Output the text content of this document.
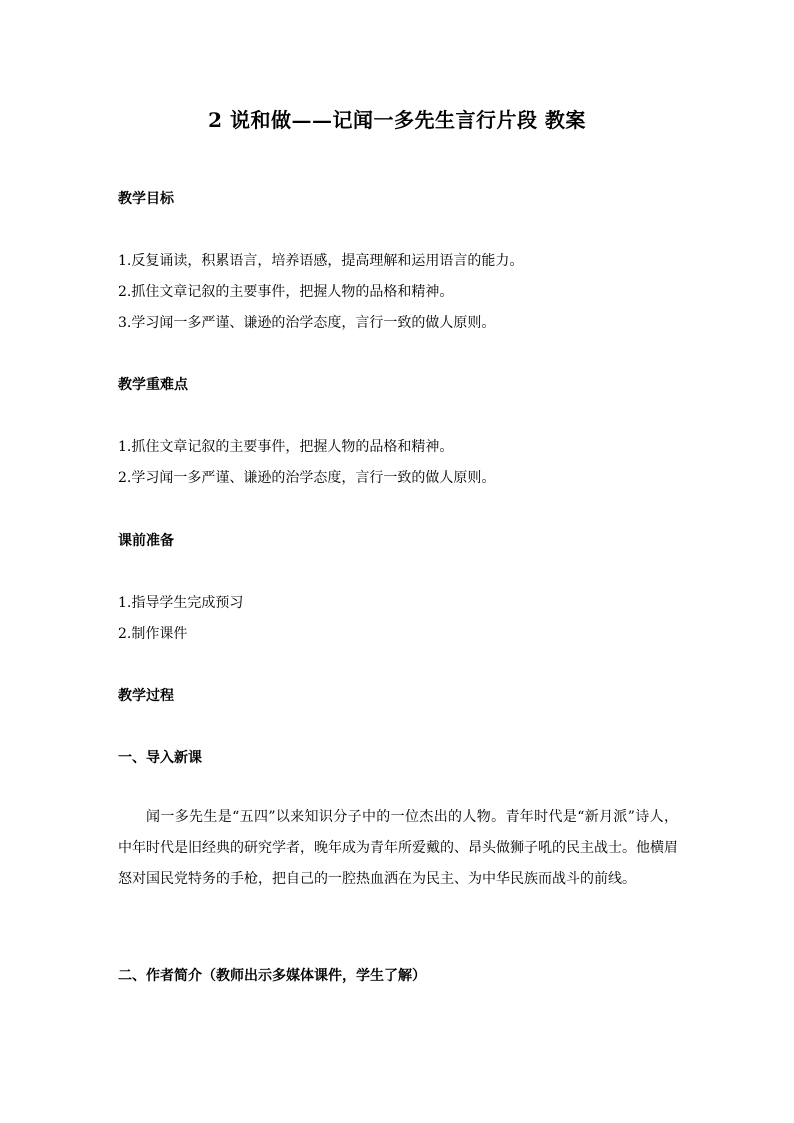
2 说和做——记闻一多先生言行片段 教案
教学目标
1.反复诵读，积累语言，培养语感，提高理解和运用语言的能力。
2.抓住文章记叙的主要事件，把握人物的品格和精神。
3.学习闻一多严谨、谦逊的治学态度，言行一致的做人原则。
教学重难点
1.抓住文章记叙的主要事件，把握人物的品格和精神。
2.学习闻一多严谨、谦逊的治学态度，言行一致的做人原则。
课前准备
1.指导学生完成预习
2.制作课件
教学过程
一、导入新课
闻一多先生是“五四”以来知识分子中的一位杰出的人物。青年时代是“新月派”诗人，中年时代是旧经典的研究学者，晚年成为青年所爱戴的、昂头做狮子吼的民主战士。他横眉怒对国民党特务的手枪，把自己的一腔热血洒在为民主、为中华民族而战斗的前线。
二、作者简介（教师出示多媒体课件，学生了解）
